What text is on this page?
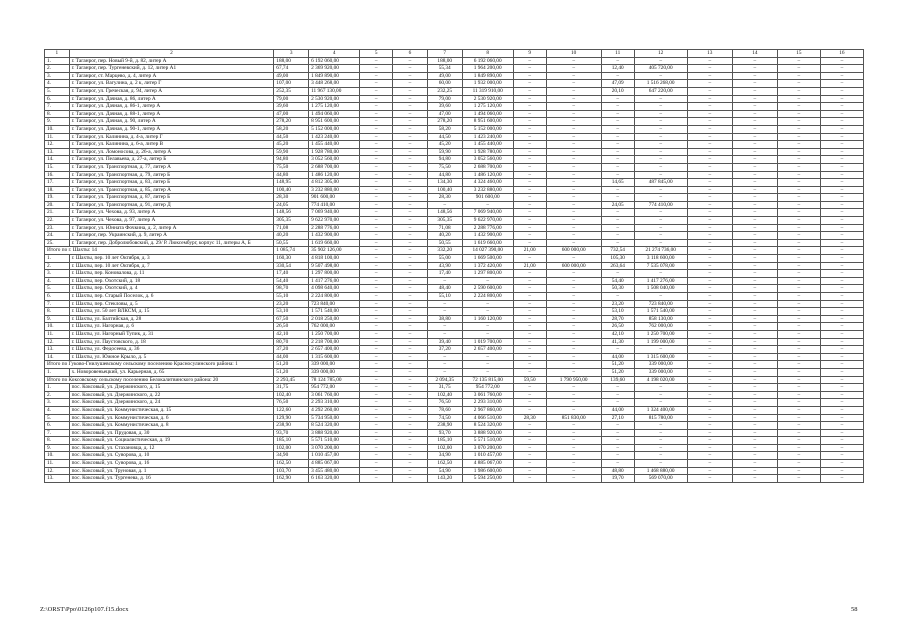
1	2	3	4	5	6	7	8	9	10	11	12	13	14	15	16
1.	г. Таганрог, пер. Новый 9-й, д. 82, литер А	188,00	6 192 060,00	–	–	188,00	6 192 060,00	–	–	–	–	–	–	–	–
2.	г. Таганрог, пер. Тургеневский, д. 12, литер А1	67,74	2 369 920,00	–	–	55,34	1 964 200,00	–	–	12,40	405 720,00	–	–	–	–
3.	г. Таганрог, ст. Марцево, д. 4, литер А	49,00	1 849 890,00	–	–	49,00	1 849 890,00	–	–	–	–	–	–	–	–
4.	г. Таганрог, ул. Вагулина, д. 2 к, литер Г	107,00	3 448 268,00	–	–	60,00	1 932 000,00	–	–	47,09	1 516 268,00	–	–	–	–
5.	г. Таганрог, ул. Греческая, д. 94, литер А	252,35	11 967 130,00	–	–	232,25	11 319 910,00	–	–	20,10	647 220,00	–	–	–	–
6.	г. Таганрог, ул. Дачная, д. 86, литер А	79,00	2 530 920,00	–	–	79,00	2 530 920,00	–	–	–	–	–	–	–	–
7.	г. Таганрог, ул. Дачная, д. 86-1, литер А	39,60	1 275 120,00	–	–	39,60	1 275 120,00	–	–	–	–	–	–	–	–
8.	г. Таганрог, ул. Дачная, д. 88-1, литер А	47,00	1 494 060,00	–	–	47,00	1 494 060,00	–	–	–	–	–	–	–	–
9.	г. Таганрог, ул. Дачная, д. 90, литер А	278,20	8 951 600,00	–	–	278,20	8 951 600,00	–	–	–	–	–	–	–	–
10.	г. Таганрог, ул. Дачная, д. 90-1, литер А	58,20	5 152 000,00	–	–	58,20	5 152 000,00	–	–	–	–	–	–	–	–
11.	г. Таганрог, ул. Калинина, д. 4-а, литер Г	44,50	1 423 240,00	–	–	44,50	1 423 240,00	–	–	–	–	–	–	–	–
12.	г. Таганрог, ул. Калинина, д. 6-а, литер В	45,20	1 455 440,00	–	–	45,20	1 455 440,00	–	–	–	–	–	–	–	–
13.	г. Таганрог, ул. Ломоносова, д. 26-а, литер А	59,90	1 928 780,00	–	–	59,90	1 928 780,00	–	–	–	–	–	–	–	–
14.	г. Таганрог, ул. Пелавьева, д. 27-а, литер Б	94,80	3 052 560,00	–	–	94,80	3 052 560,00	–	–	–	–	–	–	–	–
15.	г. Таганрог, ул. Транспортная, д. 77, литер А	75,50	2 688 700,00	–	–	75,50	2 688 700,00	–	–	–	–	–	–	–	–
16.	г. Таганрог, ул. Транспортная, д. 79, литер Б	44,80	1 486 120,00	–	–	44,80	1 486 120,00	–	–	–	–	–	–	–	–
17.	г. Таганрог, ул. Транспортная, д. 83, литер Б	148,95	4 812 305,00	–	–	134,30	4 324 460,00	–	–	14,65	487 845,00	–	–	–	–
18.	г. Таганрог, ул. Транспортная, д. 85, литер А	100,40	3 232 880,00	–	–	100,40	3 232 880,00	–	–	–	–	–	–	–	–
19.	г. Таганрог, ул. Транспортная, д. 87, литер Б	28,30	901 600,00	–	–	28,30	901 600,00	–	–	–	–	–	–	–	–
20.	г. Таганрог, ул. Транспортная, д. 91, литер Д	24,05	774 410,00	–	–	–	–	–	–	24,05	774 410,00	–	–	–	–
21.	г. Таганрог, ул. Чехова, д. 93, литер А	148,56	7 069 940,00	–	–	148,56	7 069 940,00	–	–	–	–	–	–	–	–
22.	г. Таганрог, ул. Чехова, д. 97, литер А	305,35	9 622 970,00	–	–	305,35	9 622 970,00	–	–	–	–	–	–	–	–
23.	г. Таганрог, ул. Юнната Фочкина, д. 2, литер А	71,08	2 288 776,00	–	–	71,08	2 288 776,00	–	–	–	–	–	–	–	–
24.	г. Таганрог, пер. Украинский, д. 9, литер А	40,20	1 432 900,00	–	–	40,20	1 432 900,00	–	–	–	–	–	–	–	–
25.	г. Таганрог, пер. Добролюбовский, д. 29/ Р. Люксембург, корпус 11, литеры А, Б	50,55	1 619 660,00	–	–	50,55	1 619 660,00	–	–	–	–	–	–	–	–
Итого по г. Шахты: 14		1 085,74	35 902 126,00	–	–	332,20	14 027 390,00	21,00	600 000,00	732,54	21 274 736,00	–	–	–	–
1.	г. Шахты, пер. 10 лет Октября, д. 3	160,30	4 818 100,00	–	–	55,00	1 669 500,00	–	–	105,30	3 118 600,00	–	–	–	–
2.	г. Шахты, пер. 10 лет Октября, д. 7	330,54	9 507 498,00	–	–	43,90	1 372 420,00	21,00	600 000,00	263,64	7 535 078,00	–	–	–	–
3.	г. Шахты, пер. Коновалова, д. 11	17,40	1 297 800,00	–	–	17,40	1 297 800,00	–	–	–	–	–	–	–	–
4.	г. Шахты, пер. Охотский, д. 18	54,40	1 417 276,00	–	–	–	–	–	–	54,40	1 417 276,00	–	–	–	–
5.	г. Шахты, пер. Охотский, д. 4	98,70	4 098 640,00	–	–	48,40	2 590 600,00	–	–	50,30	1 508 040,00	–	–	–	–
6.	г. Шахты, пер. Старый Поселок, д. 6	55,10	2 224 800,00	–	–	55,10	2 224 800,00	–	–	–	–	–	–	–	–
7.	г. Шахты, пер. Стекловы, д. 5	23,20	723 840,00	–	–	–	–	–	–	23,20	723 840,00	–	–	–	–
8.	г. Шахты, ул. 50 лет ВЛКСМ, д. 15	53,10	1 571 540,00	–	–	–	–	–	–	53,10	1 571 540,00	–	–	–	–
9.	г. Шахты, ул. Балтийская, д. 28	67,50	2 018 250,00	–	–	38,80	1 160 120,00	–	–	28,70	858 130,00	–	–	–	–
10.	г. Шахты, ул. Нагорная, д. 6	26,50	762 000,00	–	–	–	–	–	–	26,50	762 000,00	–	–	–	–
11.	г. Шахты, ул. Нагорный Тупик, д. 31	42,10	1 250 700,00	–	–	–	–	–	–	42,10	1 250 700,00	–	–	–	–
12.	г. Шахты, ул. Паустовского, д. 18	80,70	2 218 700,00	–	–	39,40	1 019 700,00	–	–	41,30	1 199 000,00	–	–	–	–
13.	г. Шахты, ул. Федосеева, д. 36	37,20	2 657 400,00	–	–	37,20	2 657 400,00	–	–	–	–	–	–	–	–
14.	г. Шахты, ул. Южное Крыло, д. 5	44,00	1 315 600,00	–	–	–	–	–	–	44,00	1 315 600,00	–	–	–	–
Итого по Гуково-Гнилушевскому сельскому поселению Красносулинского района: 1		51,20	339 000,00	–	–	–	–	–	–	51,20	339 000,00	–	–	–	–
1.	х. Новоровеньецкий, ул. Карьерная, д. 65	51,20	339 000,00	–	–	–	–	–	–	51,20	339 000,00	–	–	–	–
Итого по Коксовскому сельскому поселению Белокалитвинского района: 20		2 293,45	78 124 785,00	–	–	2 094,35	72 135 815,00	59,50	1 790 950,00	139,60	4 198 020,00	–	–	–	–
1.	пос. Коксовый, ул. Дзержинского, д. 15	31,75	954 772,00	–	–	31,75	954 772,00	–	–	–	–	–	–	–	–
2.	пос. Коксовый, ул. Дзержинского, д. 22	102,40	3 061 760,00	–	–	102,40	3 061 760,00	–	–	–	–	–	–	–	–
3.	пос. Коксовый, ул. Дзержинского, д. 24	76,50	2 293 310,00	–	–	76,50	2 293 310,00	–	–	–	–	–	–	–	–
4.	пос. Коксовый, ул. Коммунистическая, д. 15	122,60	4 292 260,00	–	–	78,60	2 967 860,00	–	–	44,00	1 324 400,00	–	–	–	–
5.	пос. Коксовый, ул. Коммунистическая, д. 6	129,90	5 734 950,00	–	–	74,50	4 066 510,00	28,30	851 830,00	27,10	815 780,00	–	–	–	–
6.	пос. Коксовый, ул. Коммунистическая, д. 8	238,90	8 524 320,00	–	–	238,90	8 524 320,00	–	–	–	–	–	–	–	–
7.	пос. Коксовый, ул. Прудовая, д. 30	93,70	3 888 920,00	–	–	93,70	3 888 920,00	–	–	–	–	–	–	–	–
8.	пос. Коксовый, ул. Социалистическая, д. 19	185,10	5 571 510,00	–	–	185,10	5 571 510,00	–	–	–	–	–	–	–	–
9.	пос. Коксовый, ул. Стахановца, д. 12	102,00	3 070 200,00	–	–	102,00	3 070 200,00	–	–	–	–	–	–	–	–
10.	пос. Коксовый, ул. Суворова, д. 10	34,90	1 010 457,00	–	–	34,90	1 010 457,00	–	–	–	–	–	–	–	–
11.	пос. Коксовый, ул. Суворова, д. 16	162,50	4 885 067,00	–	–	162,50	4 885 067,00	–	–	–	–	–	–	–	–
12.	пос. Коксовый, ул. Труновая, д. 1	103,70	3 455 480,00	–	–	54,90	1 986 600,00	–	–	48,80	1 468 880,00	–	–	–	–
13.	пос. Коксовый, ул. Тургенева, д. 16	162,90	6 163 320,00	–	–	143,20	5 594 250,00	–	–	19,70	569 070,00	–	–	–	–
Z:\ORST\Ppo\0126p107.f15.docx	58
